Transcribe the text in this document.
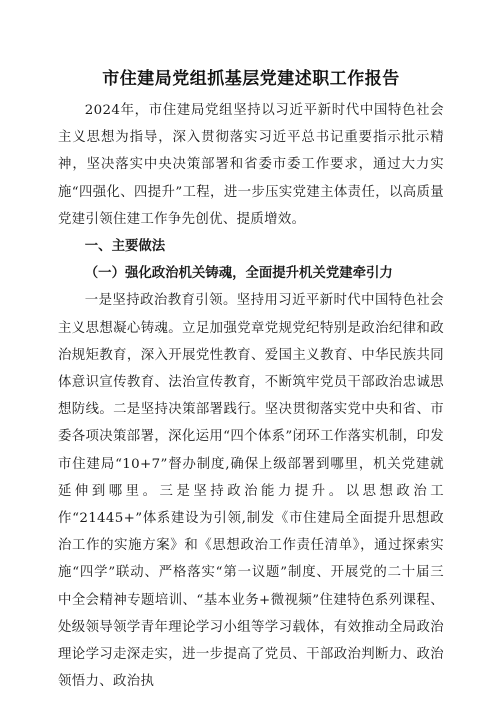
市住建局党组抓基层党建述职工作报告

2024年，市住建局党组坚持以习近平新时代中国特色社会主义思想为指导，深入贯彻落实习近平总书记重要指示批示精神，坚决落实中央决策部署和省委市委工作要求，通过大力实施“四强化、四提升”工程，进一步压实党建主体责任，以高质量党建引领住建工作争先创优、提质增效。

一、主要做法

（一）强化政治机关铸魂，全面提升机关党建牵引力

一是坚持政治教育引领。坚持用习近平新时代中国特色社会主义思想凝心铸魂。立足加强党章党规党纪特别是政治纪律和政治规矩教育，深入开展党性教育、爱国主义教育、中华民族共同体意识宣传教育、法治宣传教育，不断筑牢党员干部政治忠诚思想防线。二是坚持决策部署践行。坚决贯彻落实党中央和省、市委各项决策部署，深化运用“四个体系”闭环工作落实机制，印发市住建局“10+7”督办制度,确保上级部署到哪里，机关党建就延伸到哪里。三是坚持政治能力提升。以思想政治工作“21445+”体系建设为引领,制发《市住建局全面提升思想政治工作的实施方案》和《思想政治工作责任清单》，通过探索实施“四学”联动、严格落实“第一议题”制度、开展党的二十届三中全会精神专题培训、“基本业务+微视频”住建特色系列课程、处级领导领学青年理论学习小组等学习载体，有效推动全局政治理论学习走深走实，进一步提高了党员、干部政治判断力、政治领悟力、政治执
